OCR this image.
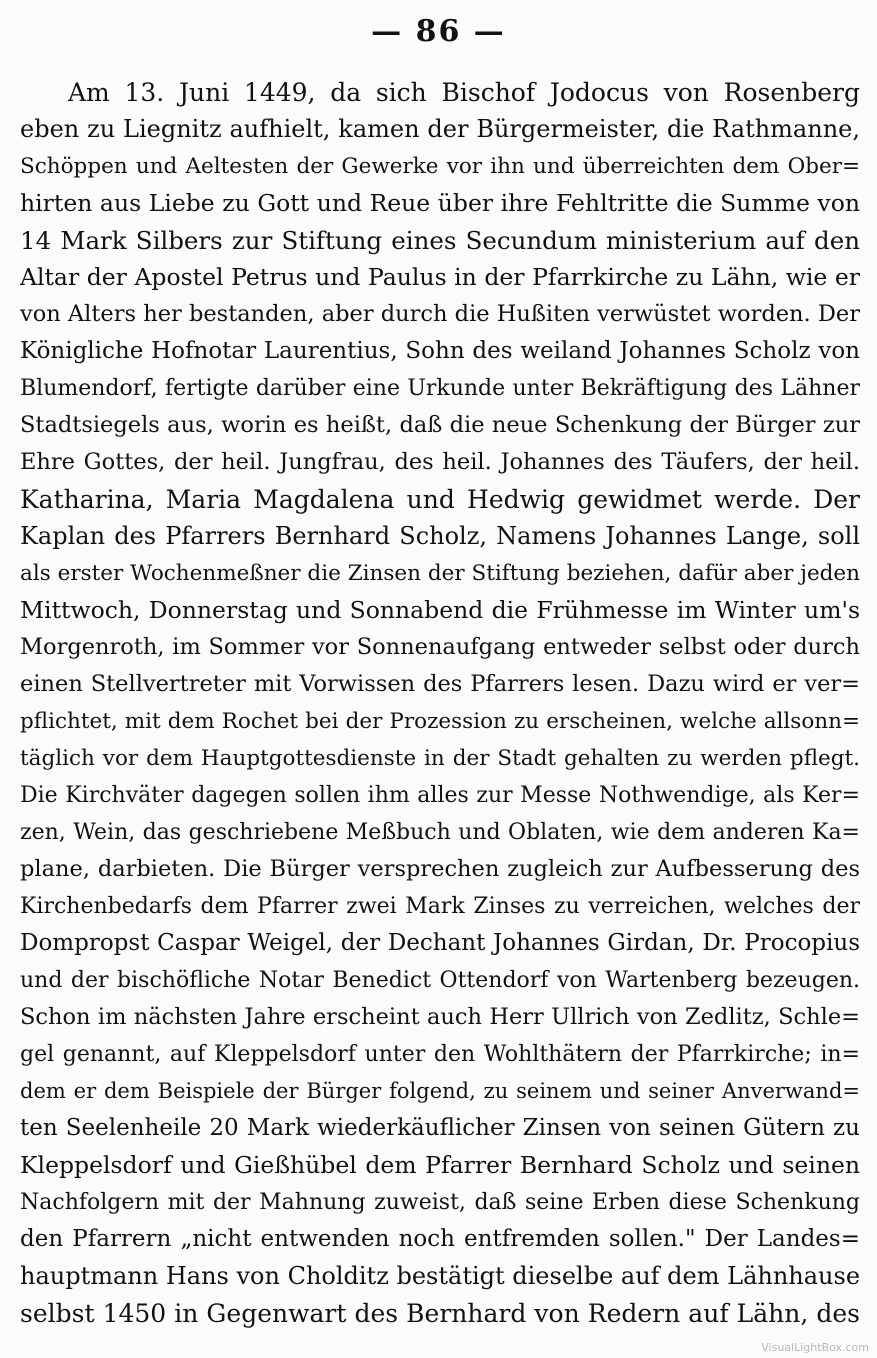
— 86 —
Am 13. Juni 1449, da sich Bischof Jodocus von Rosenberg
eben zu Liegnitz aufhielt, kamen der Bürgermeister, die Rathmanne,
Schöppen und Aeltesten der Gewerke vor ihn und überreichten dem Ober=
hirten aus Liebe zu Gott und Reue über ihre Fehltritte die Summe von
14 Mark Silbers zur Stiftung eines Secundum ministerium auf den
Altar der Apostel Petrus und Paulus in der Pfarrkirche zu Lähn, wie er
von Alters her bestanden, aber durch die Hußiten verwüstet worden. Der
Königliche Hofnotar Laurentius, Sohn des weiland Johannes Scholz von
Blumendorf, fertigte darüber eine Urkunde unter Bekräftigung des Lähner
Stadtsiegels aus, worin es heißt, daß die neue Schenkung der Bürger zur
Ehre Gottes, der heil. Jungfrau, des heil. Johannes des Täufers, der heil.
Katharina, Maria Magdalena und Hedwig gewidmet werde. Der
Kaplan des Pfarrers Bernhard Scholz, Namens Johannes Lange, soll
als erster Wochenmeßner die Zinsen der Stiftung beziehen, dafür aber jeden
Mittwoch, Donnerstag und Sonnabend die Frühmesse im Winter um's
Morgenroth, im Sommer vor Sonnenaufgang entweder selbst oder durch
einen Stellvertreter mit Vorwissen des Pfarrers lesen. Dazu wird er ver=
pflichtet, mit dem Rochet bei der Prozession zu erscheinen, welche allsonn=
täglich vor dem Hauptgottesdienste in der Stadt gehalten zu werden pflegt.
Die Kirchväter dagegen sollen ihm alles zur Messe Nothwendige, als Ker=
zen, Wein, das geschriebene Meßbuch und Oblaten, wie dem anderen Ka=
plane, darbieten. Die Bürger versprechen zugleich zur Aufbesserung des
Kirchenbedarfs dem Pfarrer zwei Mark Zinses zu verreichen, welches der
Dompropst Caspar Weigel, der Dechant Johannes Girdan, Dr. Procopius
und der bischöfliche Notar Benedict Ottendorf von Wartenberg bezeugen.
Schon im nächsten Jahre erscheint auch Herr Ullrich von Zedlitz, Schle=
gel genannt, auf Kleppelsdorf unter den Wohlthätern der Pfarrkirche; in=
dem er dem Beispiele der Bürger folgend, zu seinem und seiner Anverwand=
ten Seelenheile 20 Mark wiederkäuflicher Zinsen von seinen Gütern zu
Kleppelsdorf und Gießhübel dem Pfarrer Bernhard Scholz und seinen
Nachfolgern mit der Mahnung zuweist, daß seine Erben diese Schenkung
den Pfarrern „nicht entwenden noch entfremden sollen." Der Landes=
hauptmann Hans von Cholditz bestätigt dieselbe auf dem Lähnhause
selbst 1450 in Gegenwart des Bernhard von Redern auf Lähn, des
VisualLightBox.com
